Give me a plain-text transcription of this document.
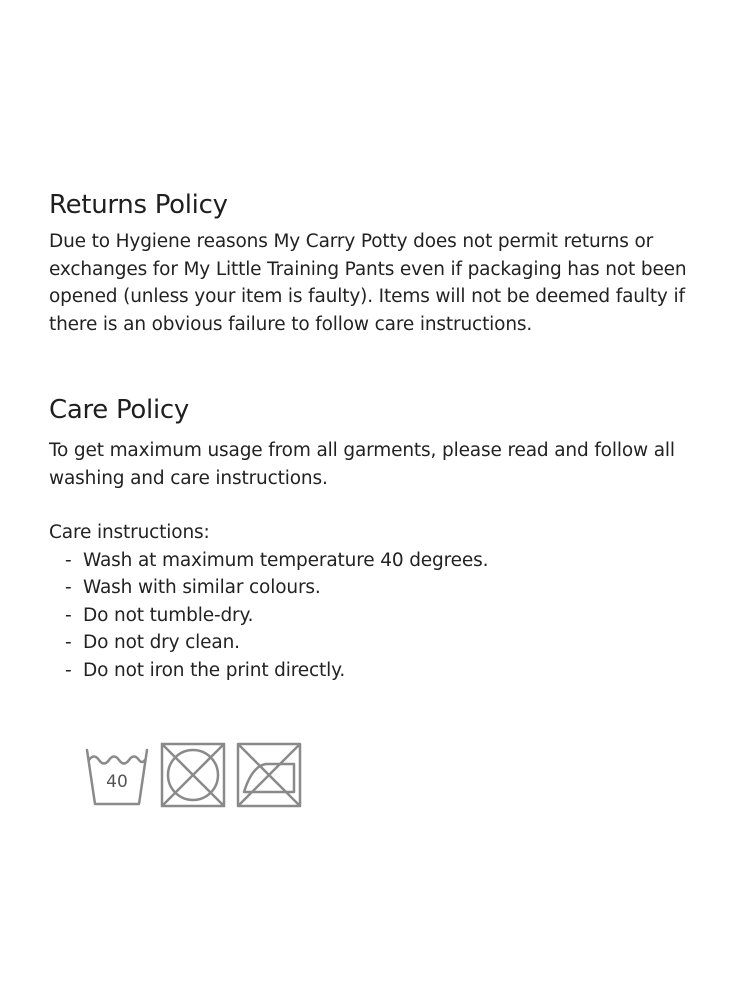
Returns Policy

Due to Hygiene reasons My Carry Potty does not permit returns or exchanges for My Little Training Pants even if packaging has not been opened (unless your item is faulty). Items will not be deemed faulty if there is an obvious failure to follow care instructions.

Care Policy

To get maximum usage from all garments, please read and follow all washing and care instructions.

Care instructions:

- Wash at maximum temperature 40 degrees.
- Wash with similar colours.
- Do not tumble-dry.
- Do not dry clean.
- Do not iron the print directly.
40
